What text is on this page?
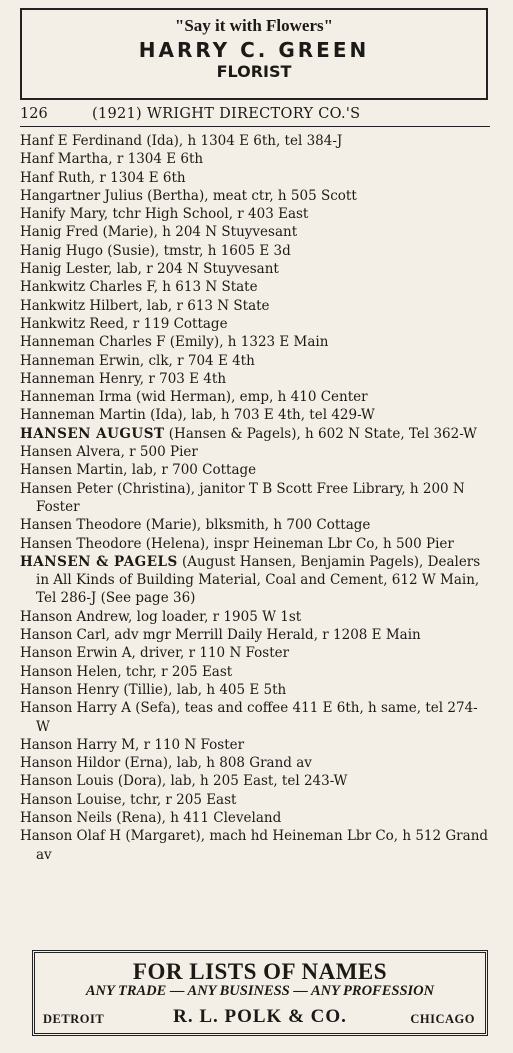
"Say it with Flowers"
HARRY C. GREEN
FLORIST
126	(1921) WRIGHT DIRECTORY CO.'S
Hanf E Ferdinand (Ida), h 1304 E 6th, tel 384-J
Hanf Martha, r 1304 E 6th
Hanf Ruth, r 1304 E 6th
Hangartner Julius (Bertha), meat ctr, h 505 Scott
Hanify Mary, tchr High School, r 403 East
Hanig Fred (Marie), h 204 N Stuyvesant
Hanig Hugo (Susie), tmstr, h 1605 E 3d
Hanig Lester, lab, r 204 N Stuyvesant
Hankwitz Charles F, h 613 N State
Hankwitz Hilbert, lab, r 613 N State
Hankwitz Reed, r 119 Cottage
Hanneman Charles F (Emily), h 1323 E Main
Hanneman Erwin, clk, r 704 E 4th
Hanneman Henry, r 703 E 4th
Hanneman Irma (wid Herman), emp, h 410 Center
Hanneman Martin (Ida), lab, h 703 E 4th, tel 429-W
HANSEN AUGUST (Hansen & Pagels), h 602 N State, Tel 362-W
Hansen Alvera, r 500 Pier
Hansen Martin, lab, r 700 Cottage
Hansen Peter (Christina), janitor T B Scott Free Library, h 200 N Foster
Hansen Theodore (Marie), blksmith, h 700 Cottage
Hansen Theodore (Helena), inspr Heineman Lbr Co, h 500 Pier
HANSEN & PAGELS (August Hansen, Benjamin Pagels), Dealers in All Kinds of Building Material, Coal and Cement, 612 W Main, Tel 286-J (See page 36)
Hanson Andrew, log loader, r 1905 W 1st
Hanson Carl, adv mgr Merrill Daily Herald, r 1208 E Main
Hanson Erwin A, driver, r 110 N Foster
Hanson Helen, tchr, r 205 East
Hanson Henry (Tillie), lab, h 405 E 5th
Hanson Harry A (Sefa), teas and coffee 411 E 6th, h same, tel 274-W
Hanson Harry M, r 110 N Foster
Hanson Hildor (Erna), lab, h 808 Grand av
Hanson Louis (Dora), lab, h 205 East, tel 243-W
Hanson Louise, tchr, r 205 East
Hanson Neils (Rena), h 411 Cleveland
Hanson Olaf H (Margaret), mach hd Heineman Lbr Co, h 512 Grand av
FOR LISTS OF NAMES
ANY TRADE — ANY BUSINESS — ANY PROFESSION
DETROIT	R. L. POLK & CO.	CHICAGO
